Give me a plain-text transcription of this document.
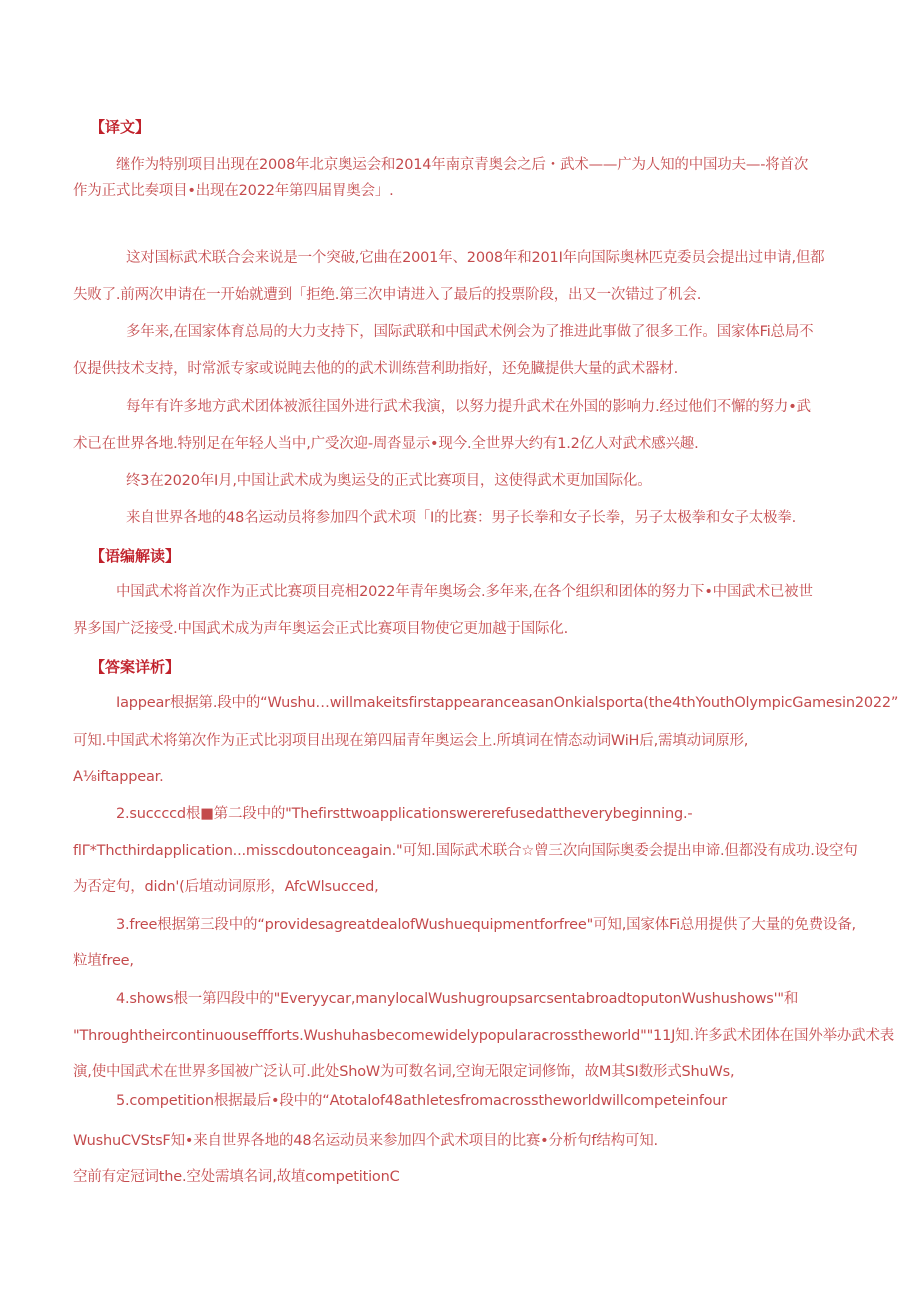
【译文】
继作为特别项目出现在2008年北京奥运会和2014年南京青奥会之后・武术——广为人知的中国功夫—-将首次
作为正式比奏项目•出现在2022年第四届胃奥会」.
这对国标武术联合会来说是一个突破,它曲在2001年、2008年和201I年向国际奥林匹克委员会提出过申请,但都
失败了.前两次申请在一开始就遭到「拒绝.第三次申请进入了最后的投票阶段，出又一次错过了机会.
多年来,在国家体育总局的大力支持下，国际武联和中国武术例会为了推进此事做了很多工作。国家体Fi总局不
仅提供技术支持，时常派专家或说盹去他的的武术训练营利助指好，还免臓提供大量的武术器材.
每年有许多地方武术团体被派往国外进行武术我演，以努力提升武术在外国的影响力.经过他们不懈的努力•武
术已在世界各地.特别足在年轻人当中,广受次迎-周沓显示•现今.全世界大约有1.2亿人对武术感兴趣.
终3在2020年I月,中国让武术成为奥运殳的正式比赛项目，这使得武术更加国际化。
来自世界各地的48名运动员将参加四个武术项「I的比赛：男子长拳和女子长拳，另子太极拳和女子太极拳.
【语编解读】
中国武术将首次作为正式比赛项目亮相2022年青年奥场会.多年来,在各个组织和团体的努力下•中国武术已被世
界多国广泛接受.中国武术成为声年奥运会正式比赛项目物使它更加越于国际化.
【答案详析】
Iappear根据第.段中的“Wushu…willmakeitsfirstappearanceasanOnkialsporta(the4thYouthOlympicGamesin2022”
可知.中国武术将第次作为正式比羽项目出现在第四届青年奥运会上.所填词在情态动词WiH后,需填动词原形,
A⅛iftappear.
2.succccd根■第二段中的"Thefirsttwoapplicationswererefusedattheverybeginning.-
flΓ*Thcthirdapplication...misscdoutonceagain."可知.国际武术联合☆曾三次向国际奥委会提出申谛.但都没有成功.设空句
为否定句，didn'(后埴动词原形，AfcWlsucced,
3.free根据第三段中的“providesagreatdealofWushuequipmentforfree"可知,国家体Fi总用提供了大量的免费设备,
粒埴free,
4.shows根一第四段中的"Everyycar,manylocalWushugroupsarcsentabroadtoputonWushushows'"和
"Throughtheircontinuouseffforts.Wushuhasbecomewidelypopularacrosstheworld""11J知.许多武术团体在国外举办武术表
演,使中国武术在世界多国被广泛认可.此处ShoW为可数名词,空询无限定词修饰，故M其SI数形式ShuWs,
5.competition根据最后•段中的“Atotalof48athletesfromacrosstheworldwillcompeteinfour
WushuCVStsF知•来自世界各地的48名运动员来参加四个武术项目的比赛•分析句f结构可知.
空前有定冠词the.空处需填名词,故埴competitionC
